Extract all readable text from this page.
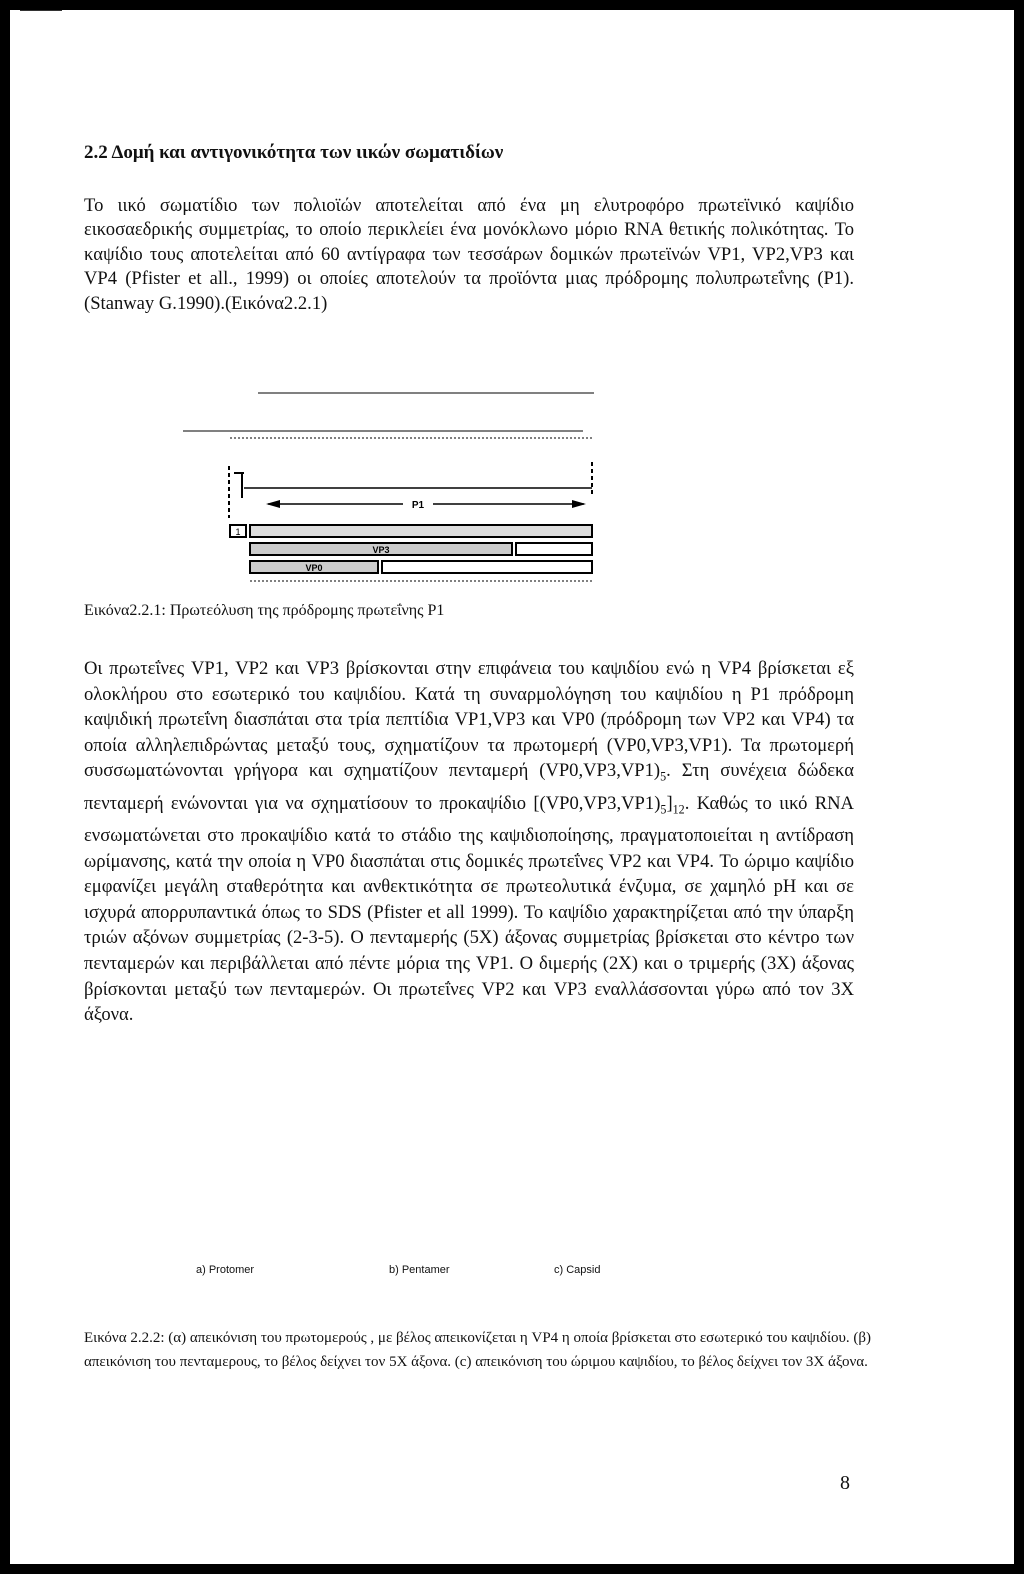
2.2 Δομή και αντιγονικότητα των ιικών σωματιδίων

Το ιικό σωματίδιο των πολιοϊών αποτελείται από ένα μη ελυτροφόρο πρωτεϊνικό καψίδιο εικοσαεδρικής συμμετρίας, το οποίο περικλείει ένα μονόκλωνο μόριο RNA θετικής πολικότητας. Το καψίδιο τους αποτελείται από 60 αντίγραφα των τεσσάρων δομικών πρωτεϊνών VP1, VP2,VP3 και VP4 (Pfister et all., 1999) οι οποίες αποτελούν τα προϊόντα μιας πρόδρομης πολυπρωτεΐνης (P1).(Stanway G.1990).(Εικόνα2.2.1)

P1
1
VP3
VP0
Εικόνα2.2.1: Πρωτεόλυση της πρόδρομης πρωτεΐνης P1

Οι πρωτεΐνες VP1, VP2 και VP3 βρίσκονται στην επιφάνεια του καψιδίου ενώ η VP4 βρίσκεται εξ ολοκλήρου στο εσωτερικό του καψιδίου. Κατά τη συναρμολόγηση του καψιδίου η P1 πρόδρομη καψιδική πρωτεΐνη διασπάται στα τρία πεπτίδια VP1,VP3 και VP0 (πρόδρομη των VP2 και VP4) τα οποία αλληλεπιδρώντας μεταξύ τους, σχηματίζουν τα πρωτομερή (VP0,VP3,VP1). Τα πρωτομερή συσσωματώνονται γρήγορα και σχηματίζουν πενταμερή $(VP0,VP3,VP1)_5$. Στη συνέχεια δώδεκα πενταμερή ενώνονται για να σχηματίσουν το προκαψίδιο $[(VP0,VP3,VP1)_5]_{12}$. Καθώς το ιικό RNA ενσωματώνεται στο προκαψίδιο κατά το στάδιο της καψιδιοποίησης, πραγματοποιείται η αντίδραση ωρίμανσης, κατά την οποία η VP0 διασπάται στις δομικές πρωτεΐνες VP2 και VP4. Το ώριμο καψίδιο εμφανίζει μεγάλη σταθερότητα και ανθεκτικότητα σε πρωτεολυτικά ένζυμα, σε χαμηλό pH και σε ισχυρά απορρυπαντικά όπως το SDS (Pfister et all 1999). Το καψίδιο χαρακτηρίζεται από την ύπαρξη τριών αξόνων συμμετρίας (2-3-5). Ο πενταμερής (5X) άξονας συμμετρίας βρίσκεται στο κέντρο των πενταμερών και περιβάλλεται από πέντε μόρια της VP1. Ο διμερής (2X) και ο τριμερής (3X) άξονας βρίσκονται μεταξύ των πενταμερών. Οι πρωτεΐνες VP2 και VP3 εναλλάσσονται γύρω από τον 3X άξονα.

a) Protomer	b) Pentamer	c) Capsid

Εικόνα 2.2.2: (α) απεικόνιση του πρωτομερούς , με βέλος απεικονίζεται η VP4 η οποία βρίσκεται στο εσωτερικό του καψιδίου. (β) απεικόνιση του πενταμερους, το βέλος δείχνει τον 5X άξονα. (c) απεικόνιση του ώριμου καψιδίου, το βέλος δείχνει τον 3X άξονα.

8
